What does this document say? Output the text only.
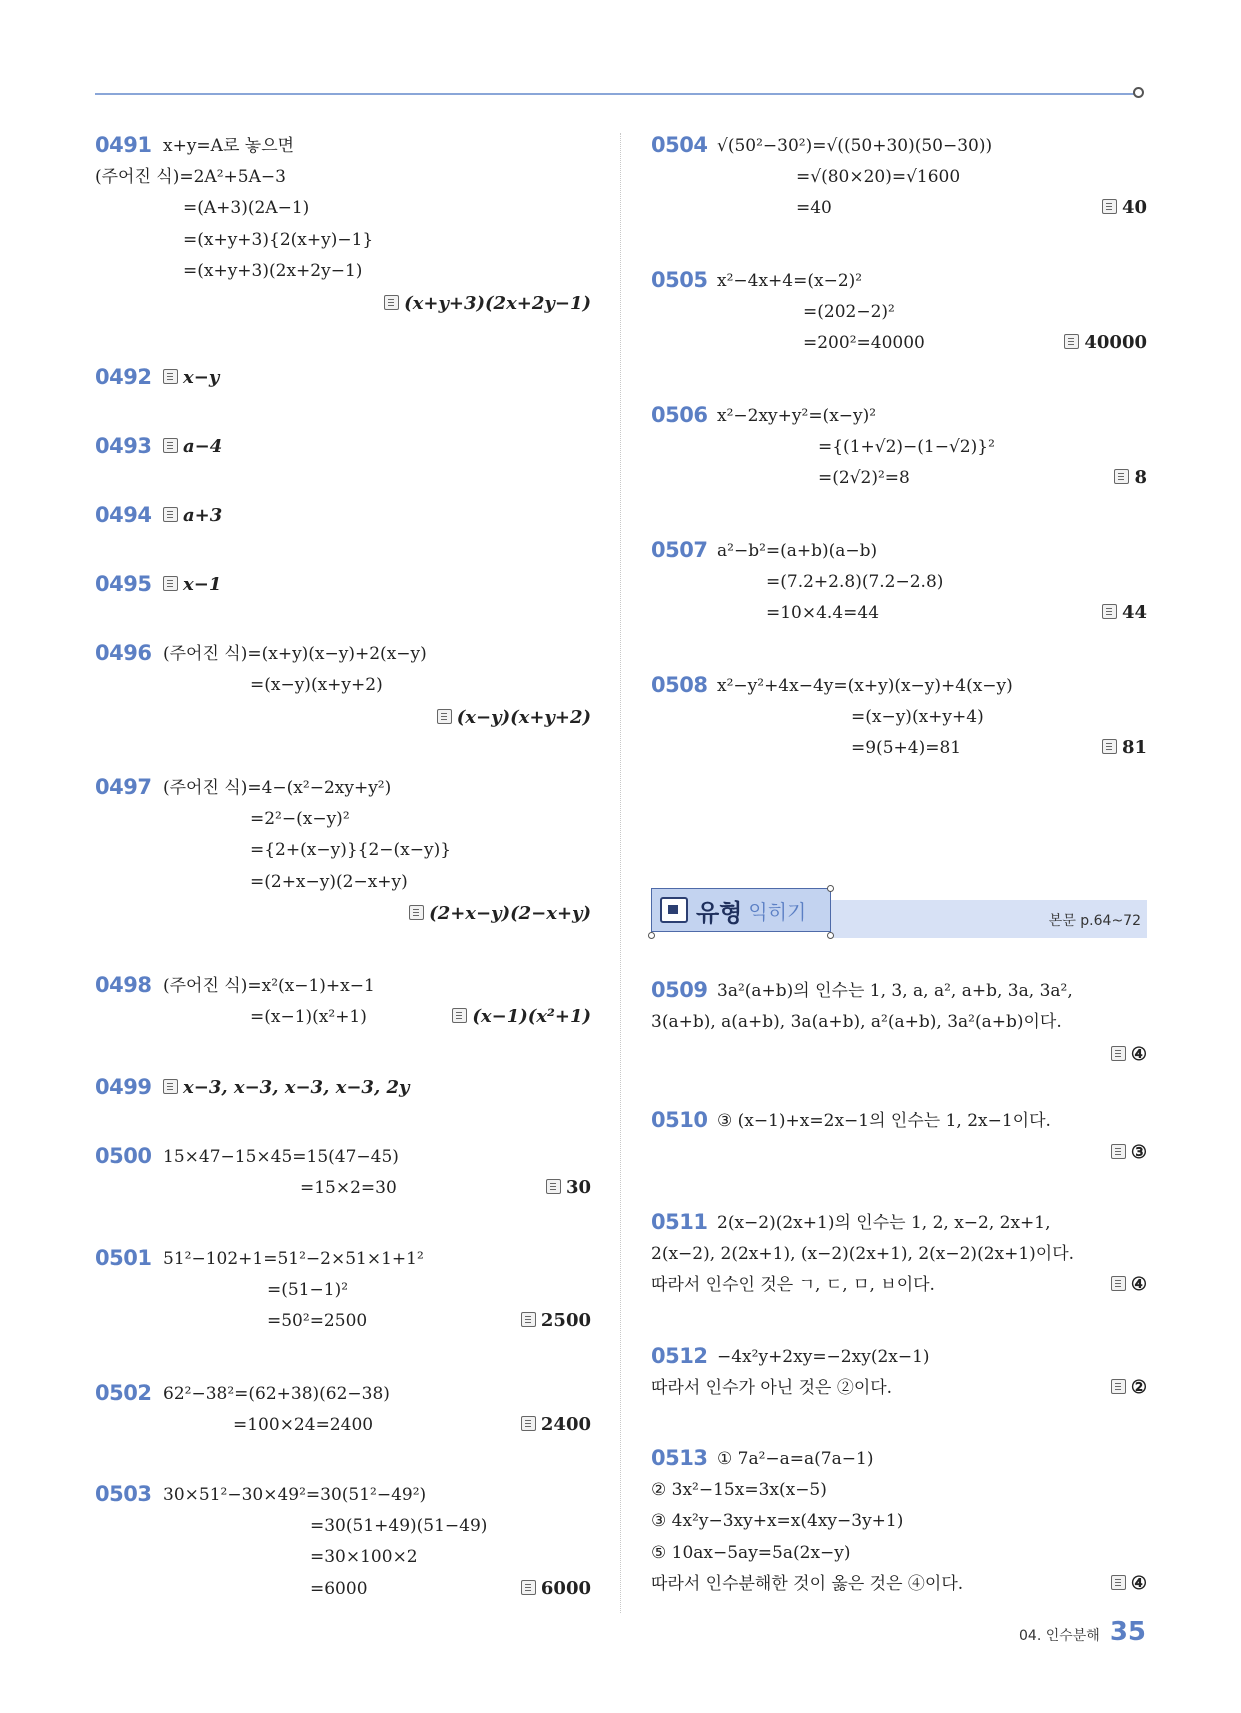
0491 x+y=A로 놓으면
(주어진 식)=2A²+5A−3
=(A+3)(2A−1)
=(x+y+3){2(x+y)−1}
=(x+y+3)(2x+2y−1)
(x+y+3)(2x+2y−1)
0492	x−y
0493	a−4
0494	a+3
0495	x−1
0496 (주어진 식)=(x+y)(x−y)+2(x−y)
=(x−y)(x+y+2)
(x−y)(x+y+2)
0497 (주어진 식)=4−(x²−2xy+y²)
=2²−(x−y)²
={2+(x−y)}{2−(x−y)}
=(2+x−y)(2−x+y)
(2+x−y)(2−x+y)
0498 (주어진 식)=x²(x−1)+x−1
=(x−1)(x²+1)	(x−1)(x²+1)
0499	x−3, x−3, x−3, x−3, 2y
0500 15×47−15×45=15(47−45)
=15×2=30	30
0501 51²−102+1=51²−2×51×1+1²
=(51−1)²
=50²=2500	2500
0502 62²−38²=(62+38)(62−38)
=100×24=2400	2400
0503 30×51²−30×49²=30(51²−49²)
=30(51+49)(51−49)
=30×100×2
=6000	6000
0504 √(50²−30²)=√((50+30)(50−30))
=√(80×20)=√1600
=40	40
0505 x²−4x+4=(x−2)²
=(202−2)²
=200²=40000	40000
0506 x²−2xy+y²=(x−y)²
={(1+√2)−(1−√2)}²
=(2√2)²=8	8
0507 a²−b²=(a+b)(a−b)
=(7.2+2.8)(7.2−2.8)
=10×4.4=44	44
0508 x²−y²+4x−4y=(x+y)(x−y)+4(x−y)
=(x−y)(x+y+4)
=9(5+4)=81	81
0509 3a²(a+b)의 인수는 1, 3, a, a², a+b, 3a, 3a²,
3(a+b), a(a+b), 3a(a+b), a²(a+b), 3a²(a+b)이다.
④
0510 ③ (x−1)+x=2x−1의 인수는 1, 2x−1이다.
③
0511 2(x−2)(2x+1)의 인수는 1, 2, x−2, 2x+1,
2(x−2), 2(2x+1), (x−2)(2x+1), 2(x−2)(2x+1)이다.
따라서 인수인 것은 ㄱ, ㄷ, ㅁ, ㅂ이다.	④
0512 −4x²y+2xy=−2xy(2x−1)
따라서 인수가 아닌 것은 ②이다.	②
0513 ① 7a²−a=a(7a−1)
② 3x²−15x=3x(x−5)
③ 4x²y−3xy+x=x(4xy−3y+1)
⑤ 10ax−5ay=5a(2x−y)
따라서 인수분해한 것이 옳은 것은 ④이다.	④
유형 익히기	본문 p.64~72
04. 인수분해 35
